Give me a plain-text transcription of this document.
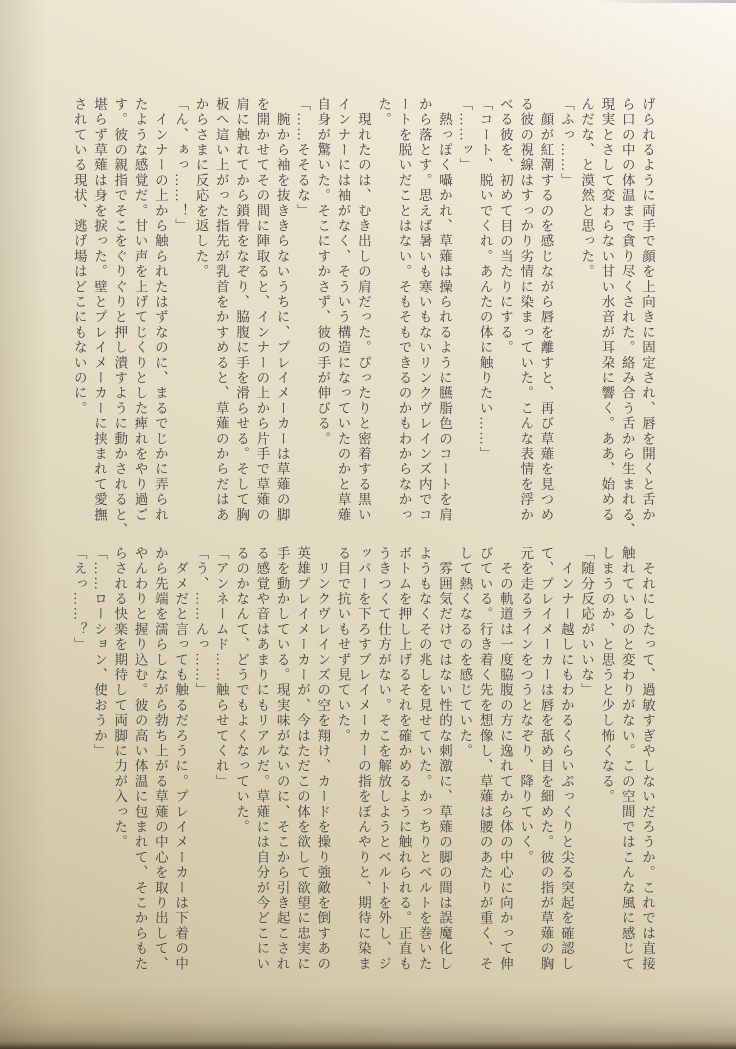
げられるように両手で顔を上向きに固定され、唇を開くと舌か
ら口の中の体温まで貪り尽くされた。絡み合う舌から生まれる、
現実とさして変わらない甘い水音が耳朶に響く。ああ、始める
んだな、と漠然と思った。
「ふっ……」
　顔が紅潮するのを感じながら唇を離すと、再び草薙を見つめ
る彼の視線はすっかり劣情に染まっていた。こんな表情を浮か
べる彼を、初めて目の当たりにする。
「コート、脱いでくれ。あんたの体に触りたい……」
「……ッ」
　熱っぽく囁かれ、草薙は操られるように臙脂色のコートを肩
から落とす。思えば暑いも寒いもないリンクヴレインズ内でコ
ートを脱いだことはない。そもそもできるのかもわからなかっ
た。
　現れたのは、むき出しの肩だった。ぴったりと密着する黒い
インナーには袖がなく、そういう構造になっていたのかと草薙
自身が驚いた。そこにすかさず、彼の手が伸びる。
「……そそるな」
　腕から袖を抜ききらないうちに、プレイメーカーは草薙の脚
を開かせてその間に陣取ると、インナーの上から片手で草薙の
肩に触れてから鎖骨をなぞり、脇腹に手を滑らせる。そして胸
板へ這い上がった指先が乳首をかすめると、草薙のからだはあ
からさまに反応を返した。
「ん、ぁっ……！」
　インナーの上から触られたはずなのに、まるでじかに弄られ
たような感覚だ。甘い声を上げてじくりとした痺れをやり過ご
す。彼の親指でそこをぐりぐりと押し潰すように動かされると、
堪らず草薙は身を捩った。壁とプレイメーカーに挟まれて愛撫
されている現状、逃げ場はどこにもないのに。
　それにしたって、過敏すぎやしないだろうか。これでは直接
触れているのと変わりがない。この空間ではこんな風に感じて
しまうのか、と思うと少し怖くなる。
「随分反応がいいな」
　インナー越しにもわかるくらいぷっくりと尖る突起を確認し
て、プレイメーカーは唇を舐め目を細めた。彼の指が草薙の胸
元を走るラインをつうとなぞり、降りていく。
　その軌道は一度脇腹の方に逸れてから体の中心に向かって伸
びている。行き着く先を想像し、草薙は腰のあたりが重く、そ
して熱くなるのを感じていた。
　雰囲気だけではない性的な刺激に、草薙の脚の間は誤魔化し
ようもなくその兆しを見せていた。かっちりとベルトを巻いた
ボトムを押し上げるそれを確かめるように触れられる。正直も
うきつくて仕方がない。そこを解放しようとベルトを外し、ジ
ッパーを下ろすプレイメーカーの指をぼんやりと、期待に染ま
る目で抗いもせず見ていた。
　リンクヴレインズの空を翔け、カードを操り強敵を倒すあの
英雄プレイメーカーが、今はただこの体を欲して欲望に忠実に
手を動かしている。現実味がないのに、そこから引き起こされ
る感覚や音はあまりにもリアルだ。草薙には自分が今どこにい
るのかなんて、どうでもよくなっていた。
「アンネームド……触らせてくれ」
「う、……んっ……」
　ダメだと言っても触るだろうに。プレイメーカーは下着の中
から先端を濡らしながら勃ち上がる草薙の中心を取り出して、
やんわりと握り込む。彼の高い体温に包まれて、そこからもた
らされる快楽を期待して両脚に力が入った。
「……ローション、使おうか」
「えっ……？」
